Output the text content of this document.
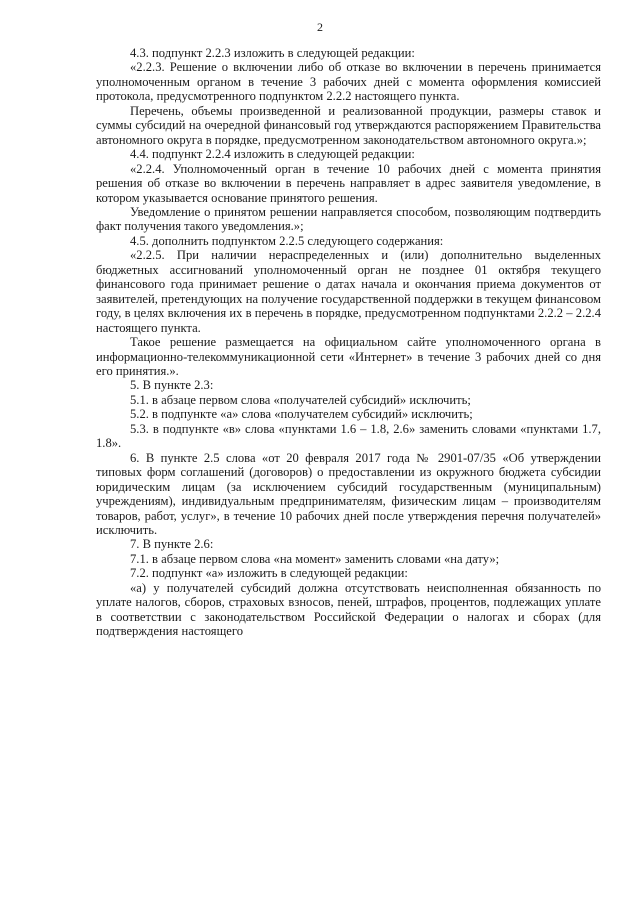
2

4.3. подпункт 2.2.3 изложить в следующей редакции:

«2.2.3. Решение о включении либо об отказе во включении в перечень принимается уполномоченным органом в течение 3 рабочих дней с момента оформления комиссией протокола, предусмотренного подпунктом 2.2.2 настоящего пункта.

Перечень, объемы произведенной и реализованной продукции, размеры ставок и суммы субсидий на очередной финансовый год утверждаются распоряжением Правительства автономного округа в порядке, предусмотренном законодательством автономного округа.»;

4.4. подпункт 2.2.4 изложить в следующей редакции:

«2.2.4. Уполномоченный орган в течение 10 рабочих дней с момента принятия решения об отказе во включении в перечень направляет в адрес заявителя уведомление, в котором указывается основание принятого решения.

Уведомление о принятом решении направляется способом, позволяющим подтвердить факт получения такого уведомления.»;

4.5. дополнить подпунктом 2.2.5 следующего содержания:

«2.2.5. При наличии нераспределенных и (или) дополнительно выделенных бюджетных ассигнований уполномоченный орган не позднее 01 октября текущего финансового года принимает решение о датах начала и окончания приема документов от заявителей, претендующих на получение государственной поддержки в текущем финансовом году, в целях включения их в перечень в порядке, предусмотренном подпунктами 2.2.2 – 2.2.4 настоящего пункта.

Такое решение размещается на официальном сайте уполномоченного органа в информационно-телекоммуникационной сети «Интернет» в течение 3 рабочих дней со дня его принятия.».

5. В пункте 2.3:

5.1. в абзаце первом слова «получателей субсидий» исключить;

5.2. в подпункте «а» слова «получателем субсидий» исключить;

5.3. в подпункте «в» слова «пунктами 1.6 – 1.8, 2.6» заменить словами «пунктами 1.7, 1.8».

6. В пункте 2.5 слова «от 20 февраля 2017 года № 2901-07/35 «Об утверждении типовых форм соглашений (договоров) о предоставлении из окружного бюджета субсидии юридическим лицам (за исключением субсидий государственным (муниципальным) учреждениям), индивидуальным предпринимателям, физическим лицам – производителям товаров, работ, услуг», в течение 10 рабочих дней после утверждения перечня получателей» исключить.

7. В пункте 2.6:

7.1. в абзаце первом слова «на момент» заменить словами «на дату»;

7.2. подпункт «а» изложить в следующей редакции:

«а) у получателей субсидий должна отсутствовать неисполненная обязанность по уплате налогов, сборов, страховых взносов, пеней, штрафов, процентов, подлежащих уплате в соответствии с законодательством Российской Федерации о налогах и сборах (для подтверждения настоящего
